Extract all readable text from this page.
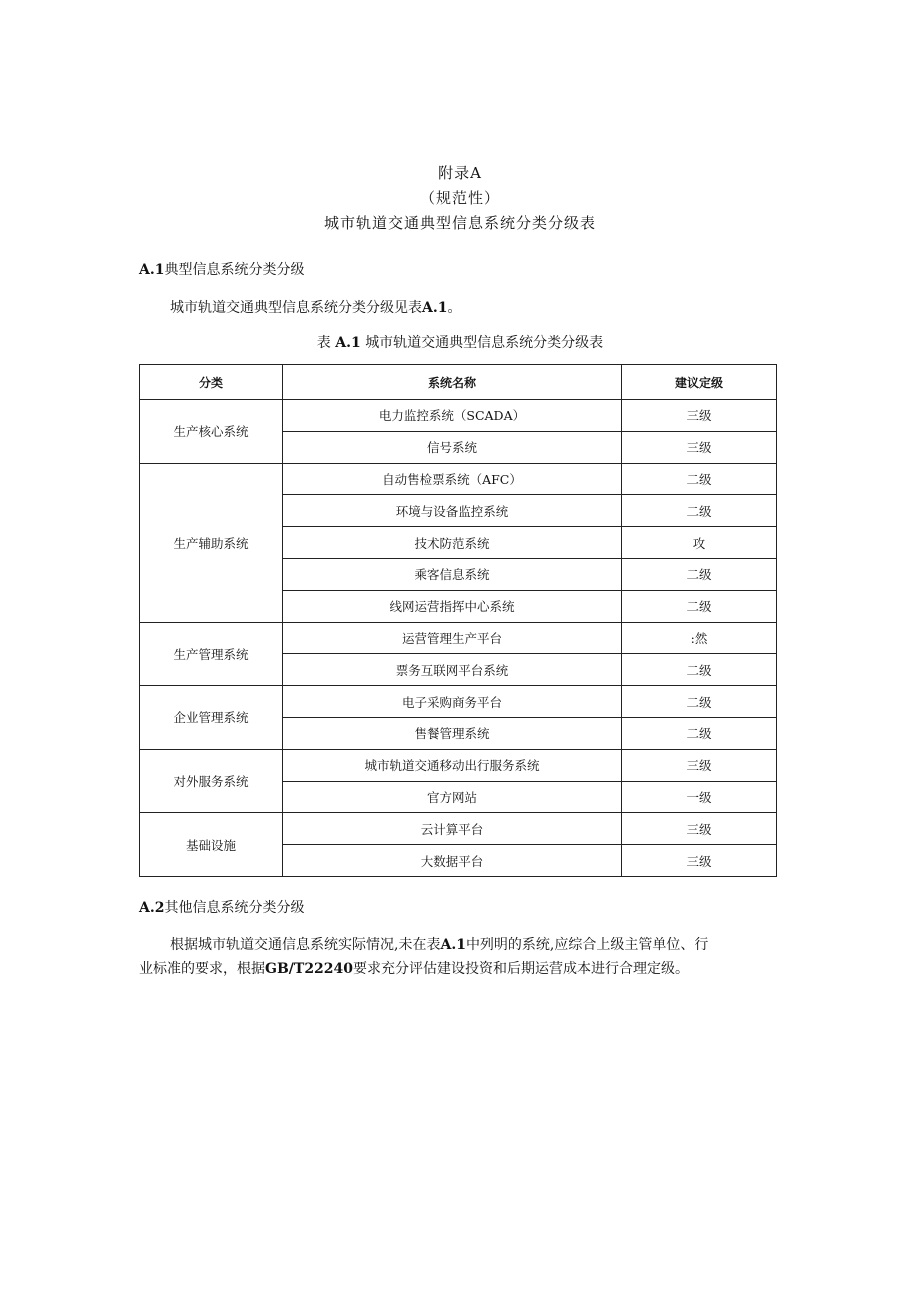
附录A
（规范性）
城市轨道交通典型信息系统分类分级表
A.1典型信息系统分类分级
城市轨道交通典型信息系统分类分级见表A.1。
表 A.1 城市轨道交通典型信息系统分类分级表
分类	系统名称	建议定级
生产核心系统	电力监控系统（SCADA）	三级
	信号系统	三级
生产辅助系统	自动售检票系统（AFC）	二级
	环境与设备监控系统	二级
	技术防范系统	攻
	乘客信息系统	二级
	线网运营指挥中心系统	二级
生产管理系统	运营管理生产平台	:然
	票务互联网平台系统	二级
企业管理系统	电子采购商务平台	二级
	售餐管理系统	二级
对外服务系统	城市轨道交通移动出行服务系统	三级
	官方网站	一级
基础设施	云计算平台	三级
	大数据平台	三级
A.2其他信息系统分类分级
根据城市轨道交通信息系统实际情况,未在表A.1中列明的系统,应综合上级主管单位、行
业标准的要求，根据GB/T22240要求充分评估建设投资和后期运营成本进行合理定级。
